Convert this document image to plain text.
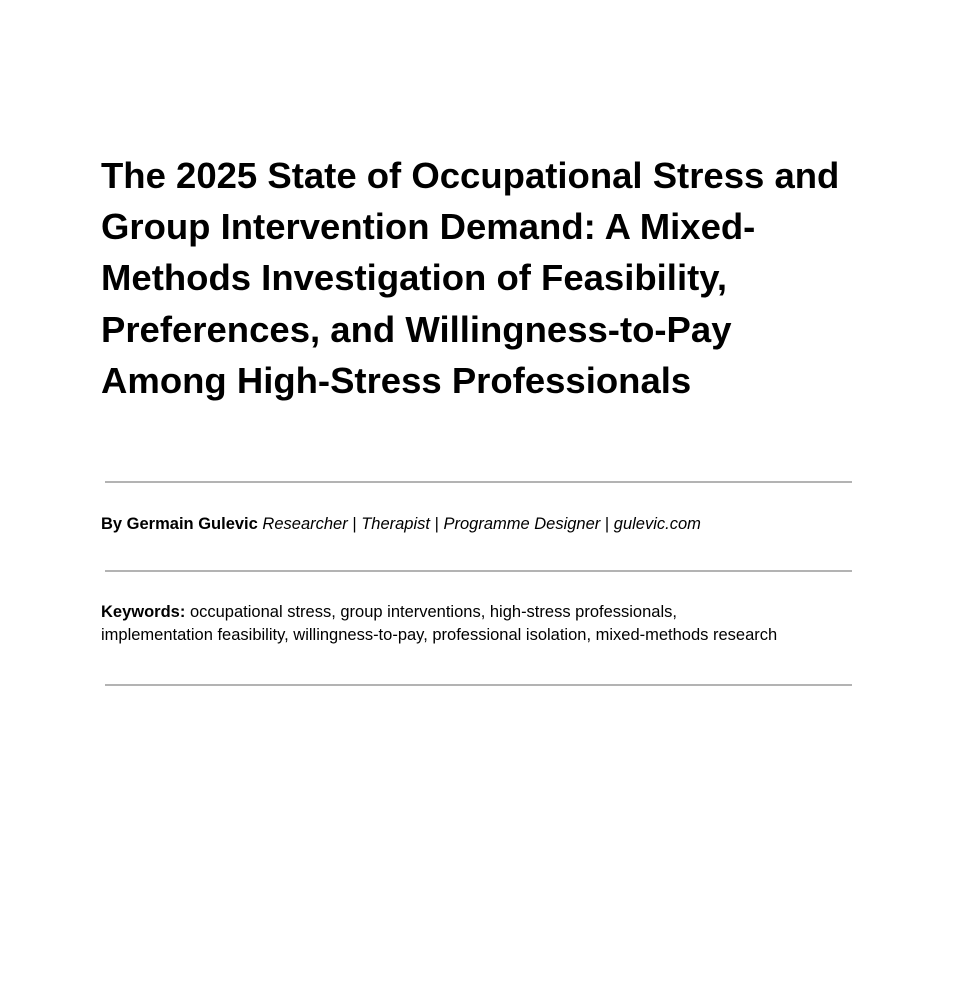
The 2025 State of Occupational Stress and Group Intervention Demand: A Mixed-Methods Investigation of Feasibility, Preferences, and Willingness-to-Pay Among High-Stress Professionals

By Germain Gulevic Researcher | Therapist | Programme Designer | gulevic.com

Keywords: occupational stress, group interventions, high-stress professionals,
implementation feasibility, willingness-to-pay, professional isolation, mixed-methods research
